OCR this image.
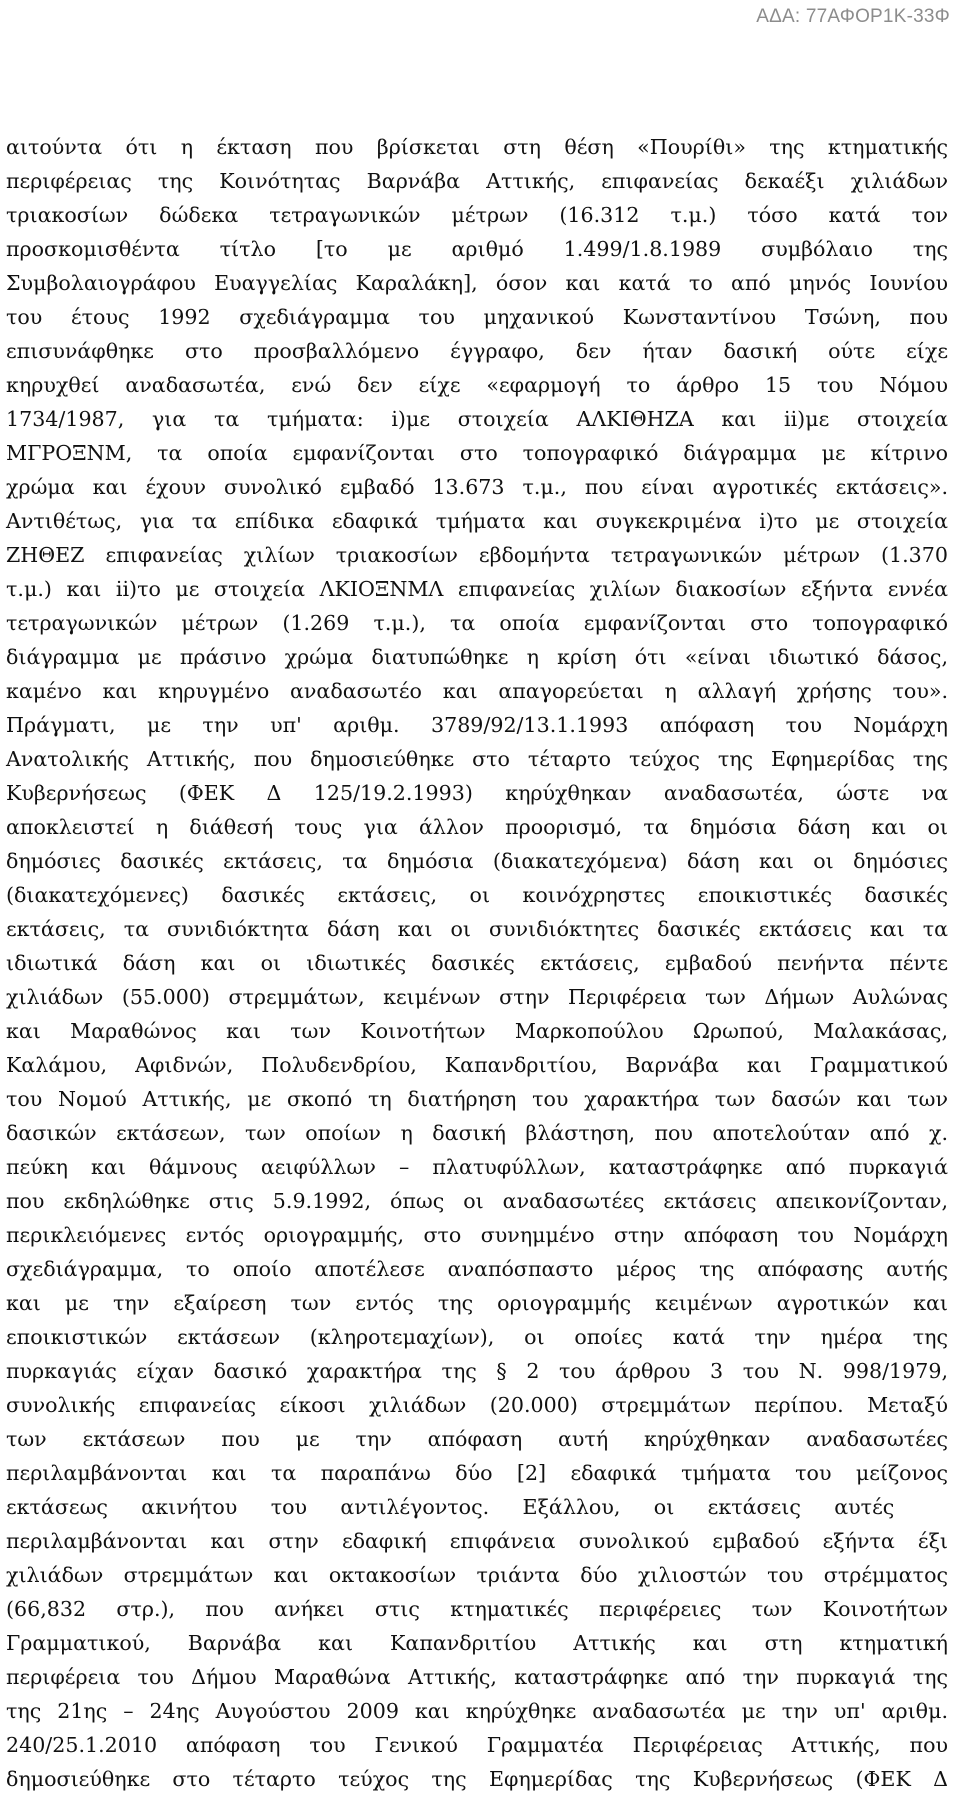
ΑΔΑ: 77ΑΦΟΡ1Κ-33Φ
αιτούντα ότι η έκταση που βρίσκεται στη θέση «Πουρίθι» της κτηματικής
περιφέρειας της Κοινότητας Βαρνάβα Αττικής, επιφανείας δεκαέξι χιλιάδων
τριακοσίων δώδεκα τετραγωνικών μέτρων (16.312 τ.μ.) τόσο κατά τον
προσκομισθέντα τίτλο [το με αριθμό 1.499/1.8.1989 συμβόλαιο της
Συμβολαιογράφου Ευαγγελίας Καραλάκη], όσον και κατά το από μηνός Ιουνίου
του έτους 1992 σχεδιάγραμμα του μηχανικού Κωνσταντίνου Τσώνη, που
επισυνάφθηκε στο προσβαλλόμενο έγγραφο, δεν ήταν δασική ούτε είχε
κηρυχθεί αναδασωτέα, ενώ δεν είχε «εφαρμογή το άρθρο 15 του Νόμου
1734/1987, για τα τμήματα: i)με στοιχεία ΑΛΚΙΘΗΖΑ και ii)με στοιχεία
ΜΓΡΟΞΝΜ, τα οποία εμφανίζονται στο τοπογραφικό διάγραμμα με κίτρινο
χρώμα και έχουν συνολικό εμβαδό 13.673 τ.μ., που είναι αγροτικές εκτάσεις».
Αντιθέτως, για τα επίδικα εδαφικά τμήματα και συγκεκριμένα i)το με στοιχεία
ΖΗΘΕΖ επιφανείας χιλίων τριακοσίων εβδομήντα τετραγωνικών μέτρων (1.370
τ.μ.) και ii)το με στοιχεία ΛΚΙΟΞΝΜΛ επιφανείας χιλίων διακοσίων εξήντα εννέα
τετραγωνικών μέτρων (1.269 τ.μ.), τα οποία εμφανίζονται στο τοπογραφικό
διάγραμμα με πράσινο χρώμα διατυπώθηκε η κρίση ότι «είναι ιδιωτικό δάσος,
καμένο και κηρυγμένο αναδασωτέο και απαγορεύεται η αλλαγή χρήσης του».
Πράγματι, με την υπ' αριθμ. 3789/92/13.1.1993 απόφαση του Νομάρχη
Ανατολικής Αττικής, που δημοσιεύθηκε στο τέταρτο τεύχος της Εφημερίδας της
Κυβερνήσεως (ΦΕΚ Δ 125/19.2.1993) κηρύχθηκαν αναδασωτέα, ώστε να
αποκλειστεί η διάθεσή τους για άλλον προορισμό, τα δημόσια δάση και οι
δημόσιες δασικές εκτάσεις, τα δημόσια (διακατεχόμενα) δάση και οι δημόσιες
(διακατεχόμενες) δασικές εκτάσεις, οι κοινόχρηστες εποικιστικές δασικές
εκτάσεις, τα συνιδιόκτητα δάση και οι συνιδιόκτητες δασικές εκτάσεις και τα
ιδιωτικά δάση και οι ιδιωτικές δασικές εκτάσεις, εμβαδού πενήντα πέντε
χιλιάδων (55.000) στρεμμάτων, κειμένων στην Περιφέρεια των Δήμων Αυλώνας
και Μαραθώνος και των Κοινοτήτων Μαρκοπούλου Ωρωπού, Μαλακάσας,
Καλάμου, Αφιδνών, Πολυδενδρίου, Καπανδριτίου, Βαρνάβα και Γραμματικού
του Νομού Αττικής, με σκοπό τη διατήρηση του χαρακτήρα των δασών και των
δασικών εκτάσεων, των οποίων η δασική βλάστηση, που αποτελούταν από χ.
πεύκη και θάμνους αειφύλλων – πλατυφύλλων, καταστράφηκε από πυρκαγιά
που εκδηλώθηκε στις 5.9.1992, όπως οι αναδασωτέες εκτάσεις απεικονίζονταν,
περικλειόμενες εντός οριογραμμής, στο συνημμένο στην απόφαση του Νομάρχη
σχεδιάγραμμα, το οποίο αποτέλεσε αναπόσπαστο μέρος της απόφασης αυτής
και με την εξαίρεση των εντός της οριογραμμής κειμένων αγροτικών και
εποικιστικών εκτάσεων (κληροτεμαχίων), οι οποίες κατά την ημέρα της
πυρκαγιάς είχαν δασικό χαρακτήρα της § 2 του άρθρου 3 του Ν. 998/1979,
συνολικής επιφανείας είκοσι χιλιάδων (20.000) στρεμμάτων περίπου. Μεταξύ
των εκτάσεων που με την απόφαση αυτή κηρύχθηκαν αναδασωτέες
περιλαμβάνονται και τα παραπάνω δύο [2] εδαφικά τμήματα του μείζονος
εκτάσεως ακινήτου του αντιλέγοντος. Εξάλλου, οι εκτάσεις αυτές
περιλαμβάνονται και στην εδαφική επιφάνεια συνολικού εμβαδού εξήντα έξι
χιλιάδων στρεμμάτων και οκτακοσίων τριάντα δύο χιλιοστών του στρέμματος
(66,832 στρ.), που ανήκει στις κτηματικές περιφέρειες των Κοινοτήτων
Γραμματικού, Βαρνάβα και Καπανδριτίου Αττικής και στη κτηματική
περιφέρεια του Δήμου Μαραθώνα Αττικής, καταστράφηκε από την πυρκαγιά της
της 21ης – 24ης Αυγούστου 2009 και κηρύχθηκε αναδασωτέα με την υπ' αριθμ.
240/25.1.2010 απόφαση του Γενικού Γραμματέα Περιφέρειας Αττικής, που
δημοσιεύθηκε στο τέταρτο τεύχος της Εφημερίδας της Κυβερνήσεως (ΦΕΚ Δ
